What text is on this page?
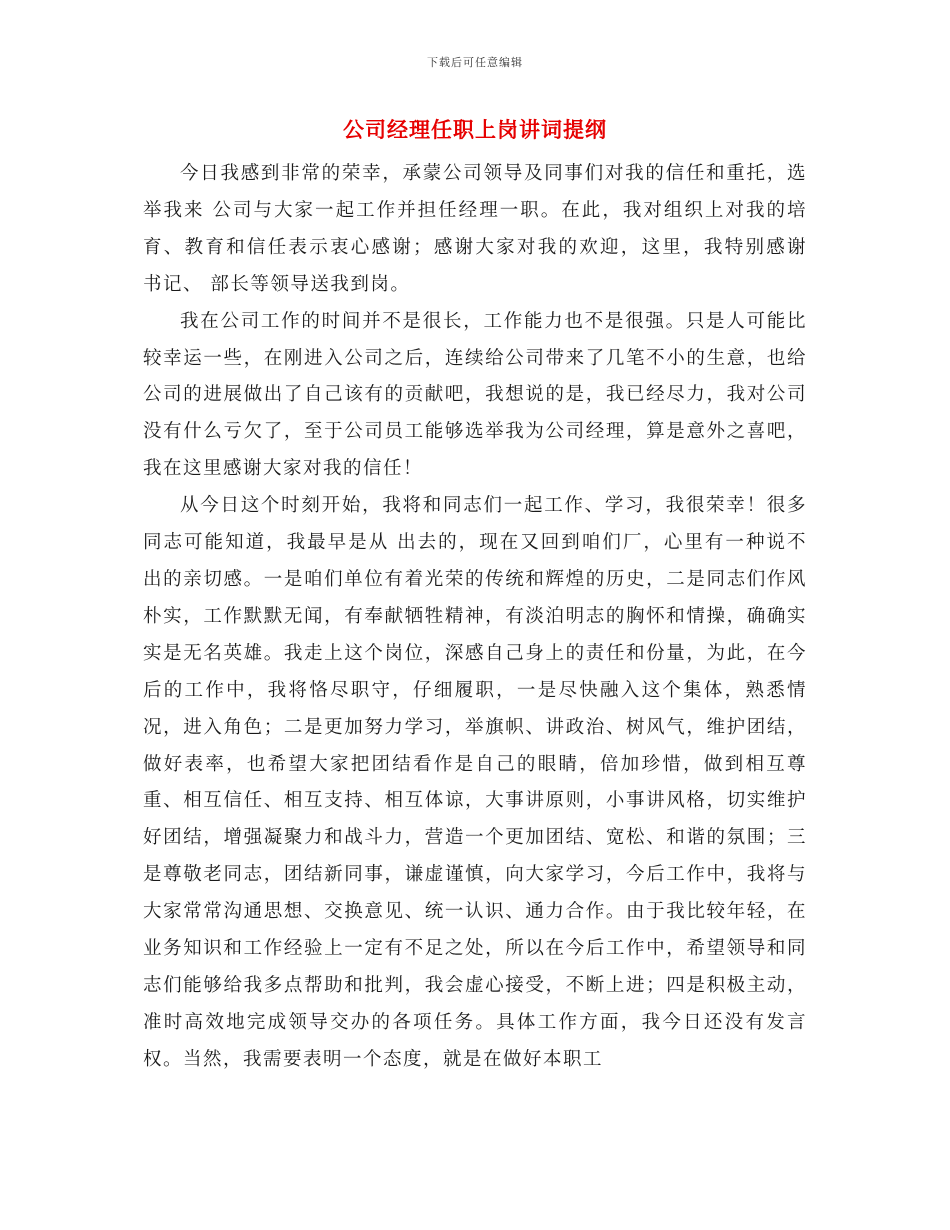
下载后可任意编辑
公司经理任职上岗讲词提纲

今日我感到非常的荣幸，承蒙公司领导及同事们对我的信任和重托，选举我来 公司与大家一起工作并担任经理一职。在此，我对组织上对我的培育、教育和信任表示衷心感谢；感谢大家对我的欢迎，这里，我特别感谢 书记、 部长等领导送我到岗。

我在公司工作的时间并不是很长，工作能力也不是很强。只是人可能比较幸运一些，在刚进入公司之后，连续给公司带来了几笔不小的生意，也给公司的进展做出了自己该有的贡献吧，我想说的是，我已经尽力，我对公司没有什么亏欠了，至于公司员工能够选举我为公司经理，算是意外之喜吧，我在这里感谢大家对我的信任！

从今日这个时刻开始，我将和同志们一起工作、学习，我很荣幸！很多同志可能知道，我最早是从 出去的，现在又回到咱们厂，心里有一种说不出的亲切感。一是咱们单位有着光荣的传统和辉煌的历史，二是同志们作风朴实，工作默默无闻，有奉献牺牲精神，有淡泊明志的胸怀和情操，确确实实是无名英雄。我走上这个岗位，深感自己身上的责任和份量，为此，在今后的工作中，我将恪尽职守，仔细履职，一是尽快融入这个集体，熟悉情况，进入角色；二是更加努力学习，举旗帜、讲政治、树风气，维护团结，做好表率，也希望大家把团结看作是自己的眼睛，倍加珍惜，做到相互尊重、相互信任、相互支持、相互体谅，大事讲原则，小事讲风格，切实维护好团结，增强凝聚力和战斗力，营造一个更加团结、宽松、和谐的氛围；三是尊敬老同志，团结新同事，谦虚谨慎，向大家学习，今后工作中，我将与大家常常沟通思想、交换意见、统一认识、通力合作。由于我比较年轻，在业务知识和工作经验上一定有不足之处，所以在今后工作中，希望领导和同志们能够给我多点帮助和批判，我会虚心接受，不断上进；四是积极主动，准时高效地完成领导交办的各项任务。具体工作方面，我今日还没有发言权。当然，我需要表明一个态度，就是在做好本职工
